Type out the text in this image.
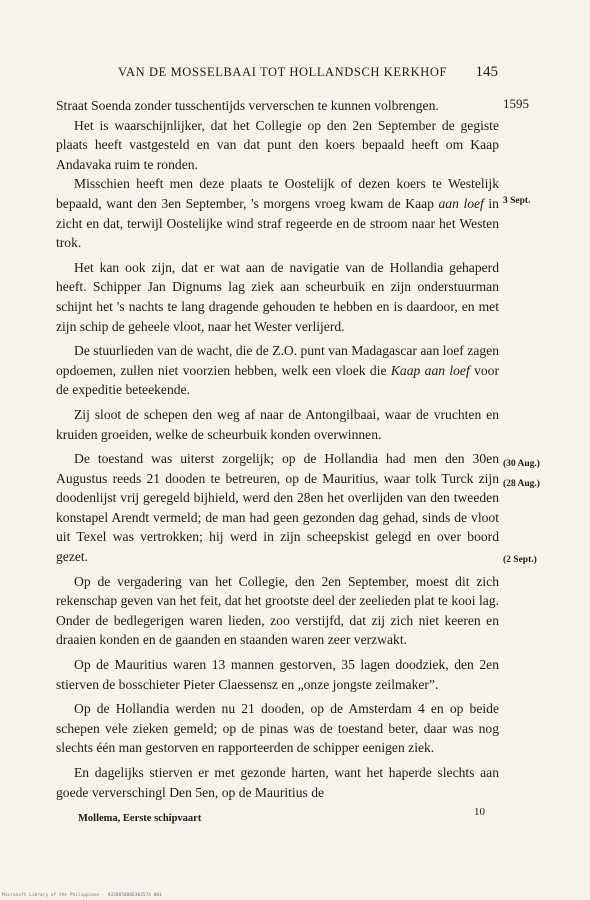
VAN DE MOSSELBAAI TOT HOLLANDSCH KERKHOF 145
1595
3 Sept.
(30 Aug.)
(28 Aug.)
(2 Sept.)

Straat Soenda zonder tusschentijds ververschen te kunnen volbrengen.

Het is waarschijnlijker, dat het Collegie op den 2en September de gegiste plaats heeft vastgesteld en van dat punt den koers bepaald heeft om Kaap Andavaka ruim te ronden.

Misschien heeft men deze plaats te Oostelijk of dezen koers te Westelijk bepaald, want den 3en September, 's morgens vroeg kwam de Kaap aan loef in zicht en dat, terwijl Oostelijke wind straf regeerde en de stroom naar het Westen trok.

Het kan ook zijn, dat er wat aan de navigatie van de Hollandia gehaperd heeft. Schipper Jan Dignums lag ziek aan scheurbuik en zijn onderstuurman schijnt het 's nachts te lang dragende gehouden te hebben en is daardoor, en met zijn schip de geheele vloot, naar het Wester verlijerd.

De stuurlieden van de wacht, die de Z.O. punt van Madagascar aan loef zagen opdoemen, zullen niet voorzien hebben, welk een vloek die Kaap aan loef voor de expeditie beteekende.

Zij sloot de schepen den weg af naar de Antongilbaai, waar de vruchten en kruiden groeiden, welke de scheurbuik konden overwinnen.

De toestand was uiterst zorgelijk; op de Hollandia had men den 30en Augustus reeds 21 dooden te betreuren, op de Mauritius, waar tolk Turck zijn doodenlijst vrij geregeld bijhield, werd den 28en het overlijden van den tweeden konstapel Arendt vermeld; de man had geen gezonden dag gehad, sinds de vloot uit Texel was vertrokken; hij werd in zijn scheepskist gelegd en over boord gezet.

Op de vergadering van het Collegie, den 2en September, moest dit zich rekenschap geven van het feit, dat het grootste deel der zeelieden plat te kooi lag. Onder de bedlegerigen waren lieden, zoo verstijfd, dat zij zich niet keeren en draaien konden en de gaanden en staanden waren zeer verzwakt.

Op de Mauritius waren 13 mannen gestorven, 35 lagen doodziek, den 2en stierven de bosschieter Pieter Claessensz en „onze jongste zeilmaker”.

Op de Hollandia werden nu 21 dooden, op de Amsterdam 4 en op beide schepen vele zieken gemeld; op de pinas was de toestand beter, daar was nog slechts één man gestorven en rapporteerden de schipper eenigen ziek.

En dagelijks stierven er met gezonde harten, want het haperde slechts aan goede ververschingl Den 5en, op de Mauritius de

Mollema, Eerste schipvaart
10
Microsoft Library of the Philippines - 9320050000303574 001
